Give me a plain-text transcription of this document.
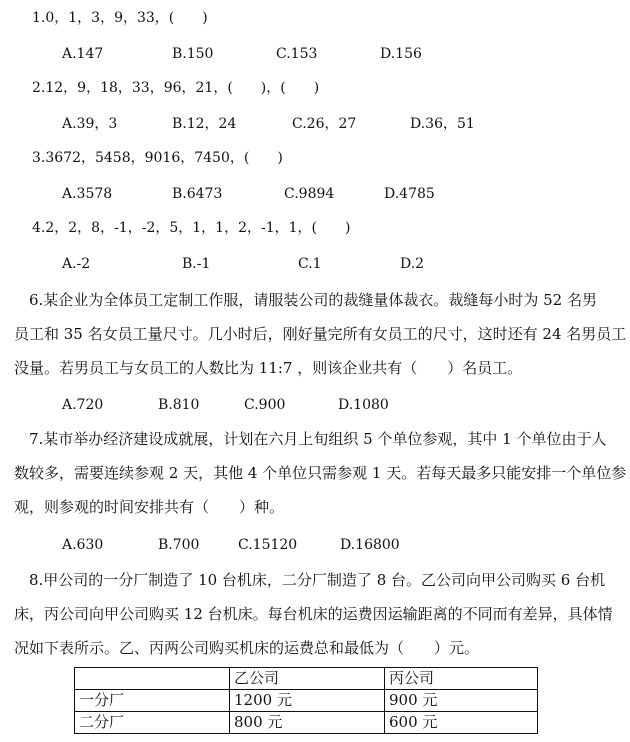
1.0，1，3，9，33，(　　)
A.147	B.150	C.153	D.156
2.12，9，18，33，96，21，(　　)，(　　)
A.39，3	B.12，24	C.26，27	D.36，51
3.3672，5458，9016，7450，(　　)
A.3578	B.6473	C.9894	D.4785
4.2，2，8，-1，-2，5，1，1，2，-1，1，(　　)
A.-2	B.-1	C.1	D.2
　6.某企业为全体员工定制工作服，请服装公司的裁缝量体裁衣。裁缝每小时为 52 名男
员工和 35 名女员工量尺寸。几小时后，刚好量完所有女员工的尺寸，这时还有 24 名男员工
没量。若男员工与女员工的人数比为 11:7 ，则该企业共有（　　）名员工。
A.720	B.810	C.900	D.1080
　7.某市举办经济建设成就展，计划在六月上旬组织 5 个单位参观，其中 1 个单位由于人
数较多，需要连续参观 2 天，其他 4 个单位只需参观 1 天。若每天最多只能安排一个单位参
观，则参观的时间安排共有（　　）种。
A.630	B.700	C.15120	D.16800
　8.甲公司的一分厂制造了 10 台机床，二分厂制造了 8 台。乙公司向甲公司购买 6 台机
床，丙公司向甲公司购买 12 台机床。每台机床的运费因运输距离的不同而有差异，具体情
况如下表所示。乙、丙两公司购买机床的运费总和最低为（　　）元。
	乙公司	丙公司
一分厂	1200 元	900 元
二分厂	800 元	600 元
